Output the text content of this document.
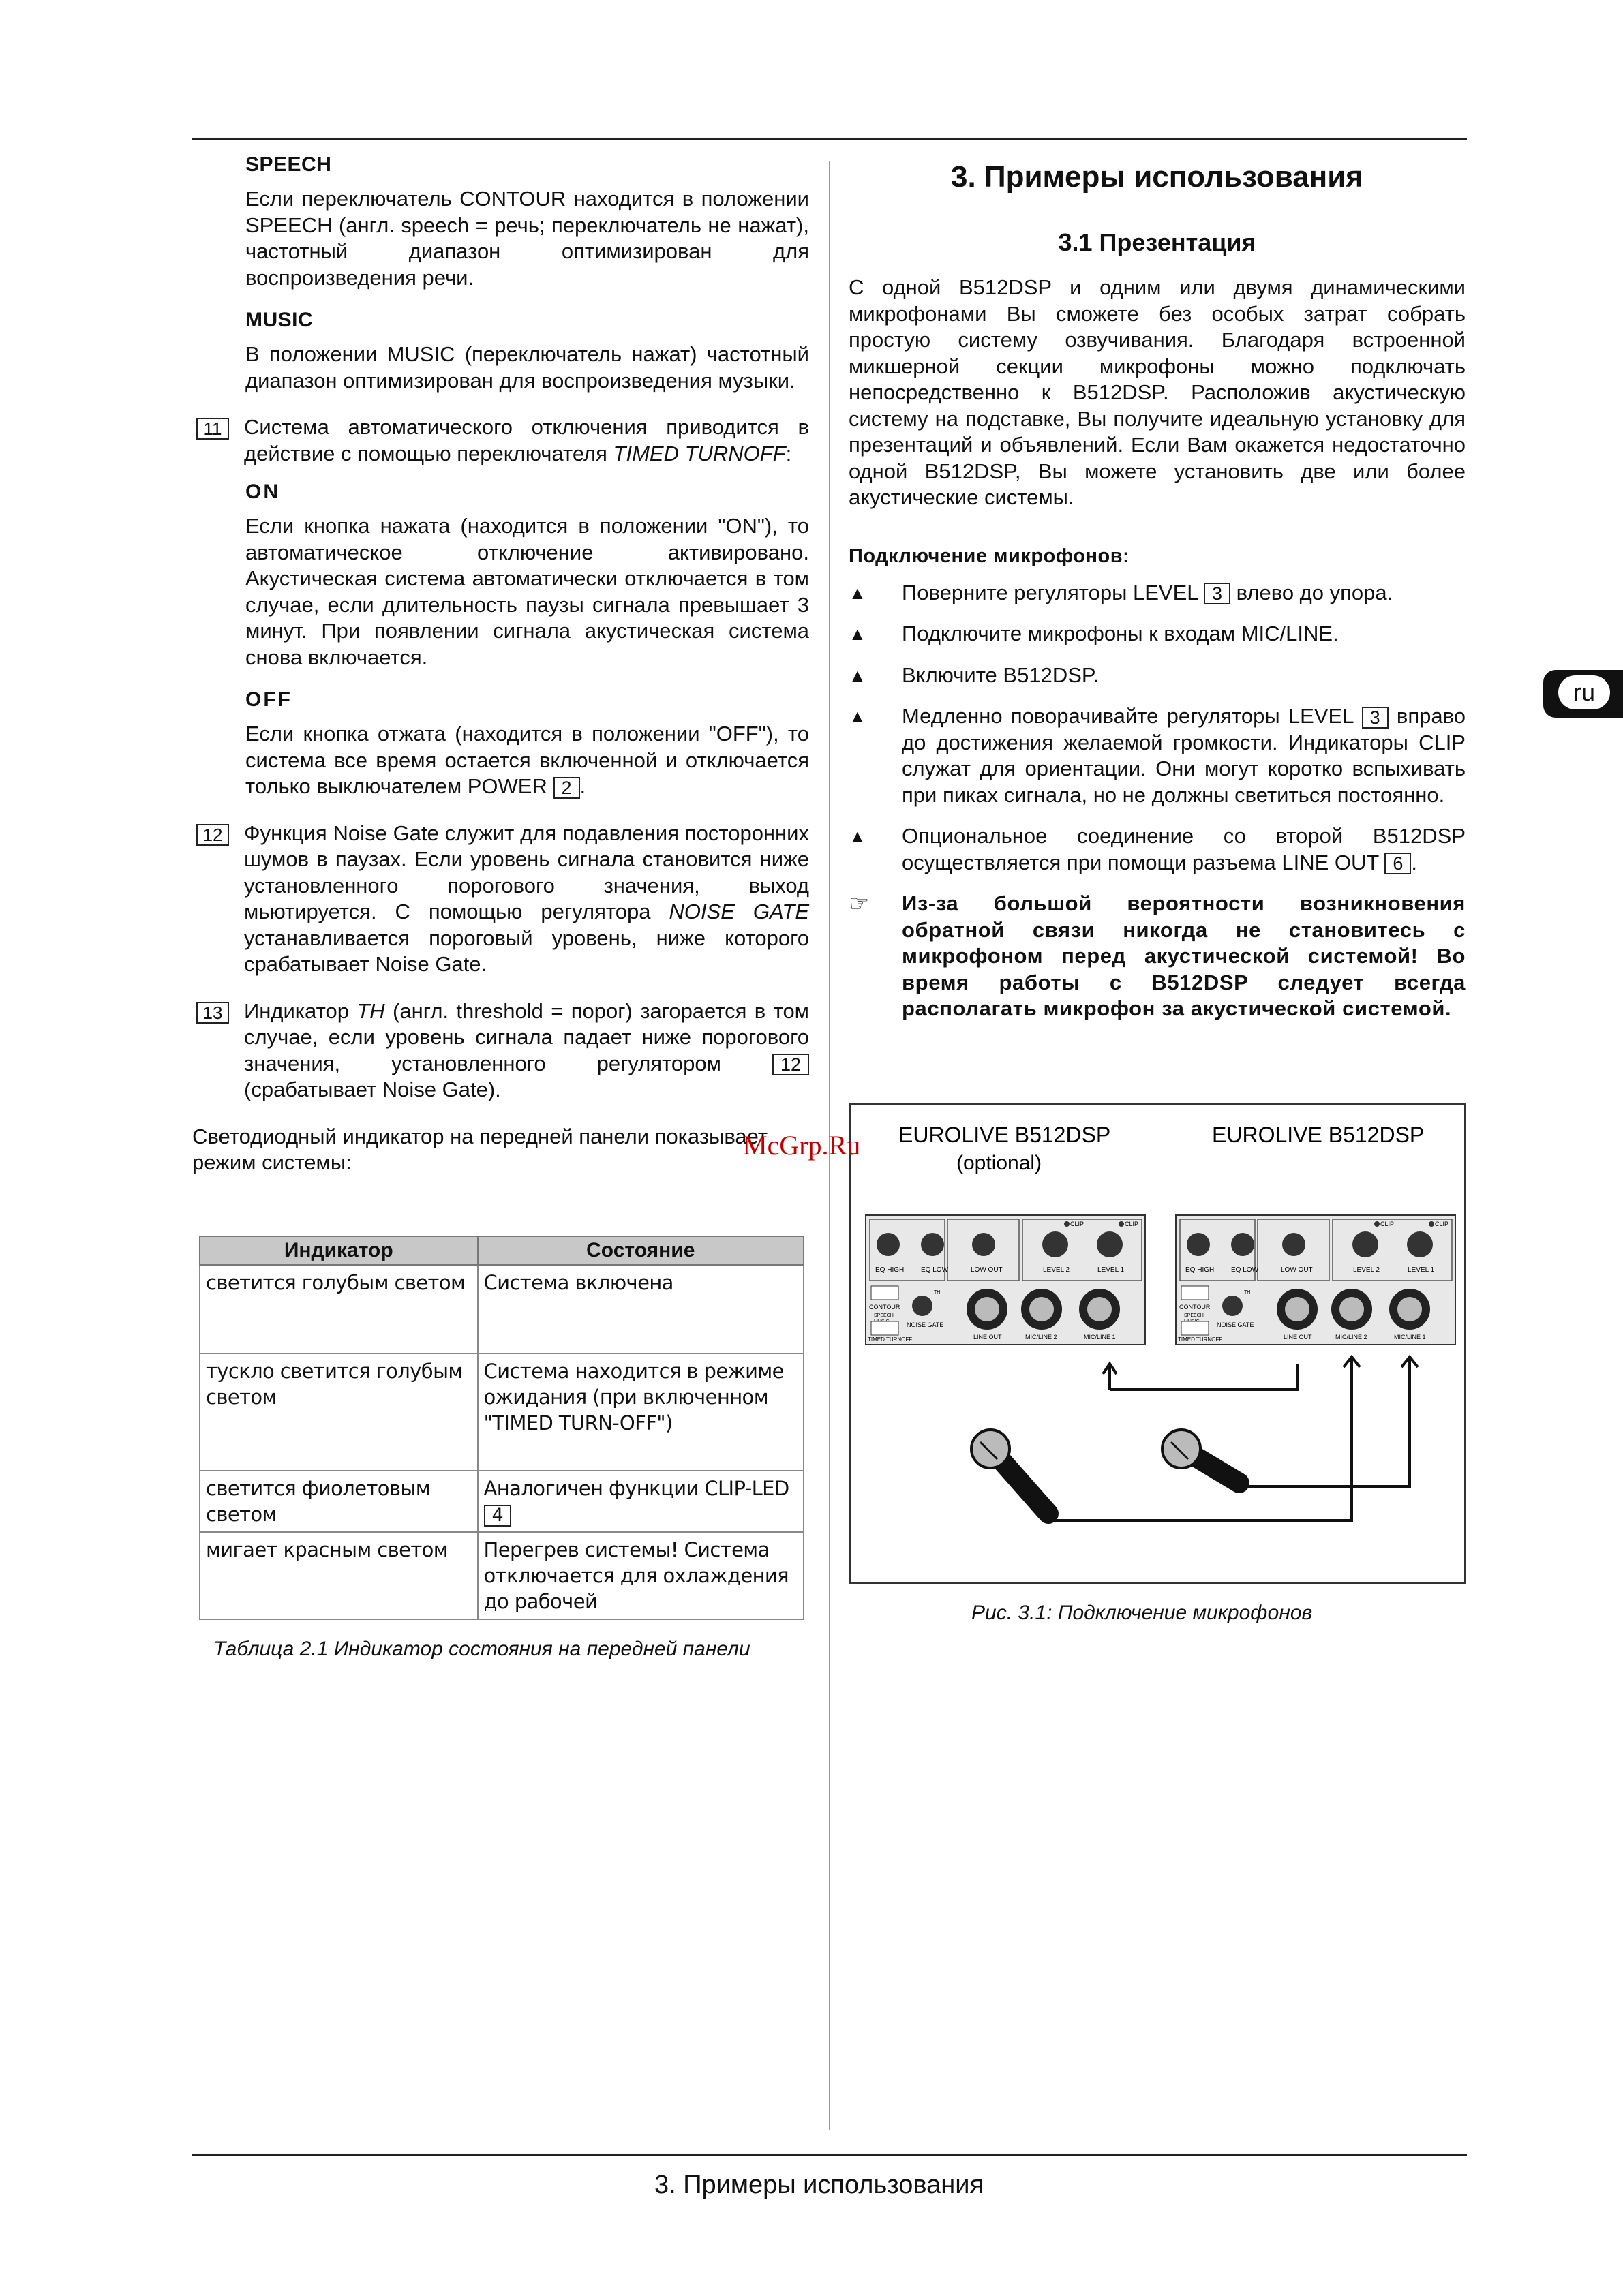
SPEECH

Если переключатель CONTOUR находится в положении SPEECH (англ. speech = речь; переключатель не нажат), частотный диапазон оптимизирован для воспроизведения речи.

MUSIC

В положении MUSIC (переключатель нажат) частотный диапазон оптимизирован для воспроизведения музыки.

11	Система автоматического отключения приводится в действие с помощью переключателя TIMED TURNOFF:

ON

Если кнопка нажата (находится в положении "ON"), то автоматическое отключение активировано. Акустическая система автоматически отключается в том случае, если длительность паузы сигнала превышает 3 минут. При появлении сигнала акустическая система снова включается.

OFF

Если кнопка отжата (находится в положении "OFF"), то система все время остается включенной и отключается только выключателем POWER 2 .

12	Функция Noise Gate служит для подавления посторонних шумов в паузах. Если уровень сигнала становится ниже установленного порогового значения, выход мьютируется. С помощью регулятора NOISE GATE устанавливается пороговый уровень, ниже которого срабатывает Noise Gate.

13	Индикатор TH (англ. threshold = порог) загорается в том случае, если уровень сигнала падает ниже порогового значения, установленного регулятором	12 (срабатывает Noise Gate).

Светодиодный индикатор на передней панели показывает режим системы:

Индикатор	Состояние
светится голубым светом	Система включена
тускло светится голубым светом	Система находится в режиме ожидания (при включенном "TIMED TURN-OFF")
светится фиолетовым светом	Аналогичен функции CLIP-LED 4
мигает красным светом	Перегрев системы! Система отключается для охлаждения до рабочей
Таблица 2.1 Индикатор состояния на передней панели
3. Примеры использования
3.1 Презентация

С одной B512DSP и одним или двумя динамическими микрофонами Вы сможете без особых затрат собрать простую систему озвучивания. Благодаря встроенной микшерной секции микрофоны можно подключать непосредственно к B512DSP. Расположив акустическую систему на подставке, Вы получите идеальную установку для презентаций и объявлений. Если Вам окажется недостаточно одной B512DSP, Вы можете установить две или более акустические системы.

Подключение микрофонов:

▲	Поверните регуляторы LEVEL 3 влево до упора.
▲	Подключите микрофоны к входам MIC/LINE.
▲	Включите B512DSP.
▲	Медленно поворачивайте регуляторы LEVEL 3 вправо до достижения желаемой громкости. Индикаторы CLIP служат для ориентации. Они могут коротко вспыхивать при пиках сигнала, но не должны светиться постоянно.
▲	Опциональное соединение со второй B512DSP осуществляется при помощи разъема LINE OUT 6 .
☞	Из-за большой вероятности возникновения обратной связи никогда не становитесь с микрофоном перед акустической системой! Во время работы с B512DSP следует всегда располагать микрофон за акустической системой.
EUROLIVE B512DSP
(optional)
EUROLIVE B512DSP
EQ HIGH EQ LOW	LOW OUT	LEVEL 2	LEVEL 1
CLIP	CLIP
CONTOUR
SPEECH
TIMED TURNOFF
TH
NOISE GATE
LINE OUT	MIC/LINE 2	MIC/LINE 1
EQ HIGH EQ LOW	LOW OUT	LEVEL 2	LEVEL 1
CLIP	CLIP
CONTOUR
SPEECH
TIMED TURNOFF
TH
NOISE GATE
LINE OUT	MIC/LINE 2	MIC/LINE 1
Рис. 3.1: Подключение микрофонов
McGrp.Ru
ru
3. Примеры использования
